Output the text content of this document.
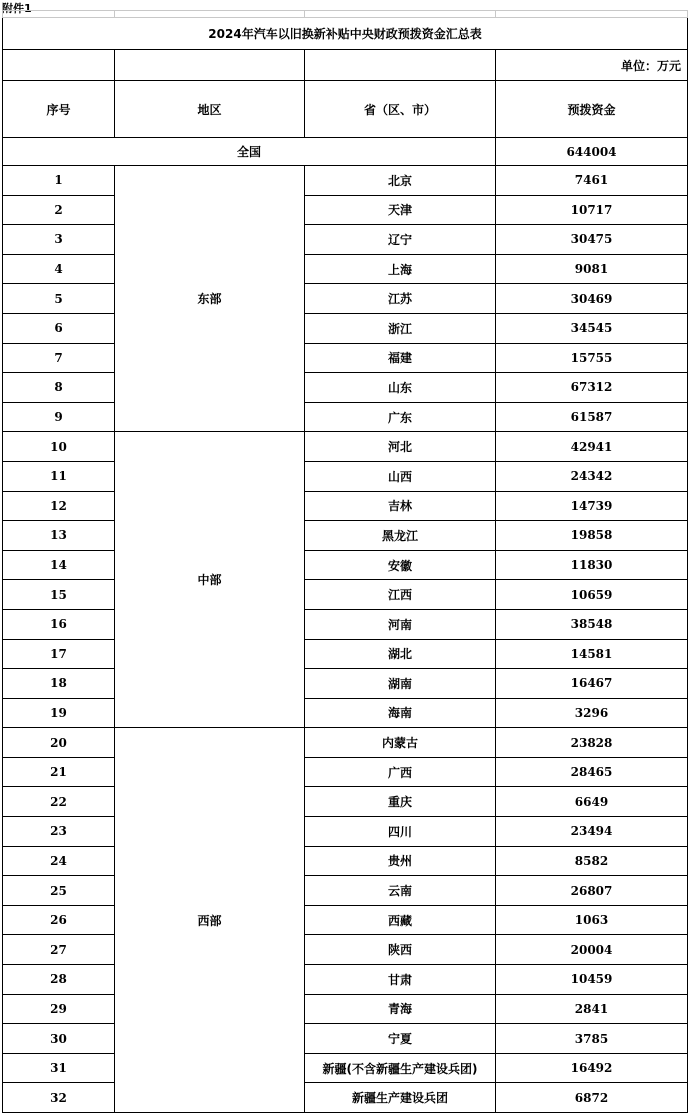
附件1

2024年汽车以旧换新补贴中央财政预拨资金汇总表			
			单位：万元
序号	地区	省（区、市）	预拨资金
全国			644004
1	东部	北京	7461
2		天津	10717
3		辽宁	30475
4		上海	9081
5		江苏	30469
6		浙江	34545
7		福建	15755
8		山东	67312
9		广东	61587
10	中部	河北	42941
11		山西	24342
12		吉林	14739
13		黑龙江	19858
14		安徽	11830
15		江西	10659
16		河南	38548
17		湖北	14581
18		湖南	16467
19		海南	3296
20	西部	内蒙古	23828
21		广西	28465
22		重庆	6649
23		四川	23494
24		贵州	8582
25		云南	26807
26		西藏	1063
27		陕西	20004
28		甘肃	10459
29		青海	2841
30		宁夏	3785
31		新疆(不含新疆生产建设兵团)	16492
32		新疆生产建设兵团	6872
